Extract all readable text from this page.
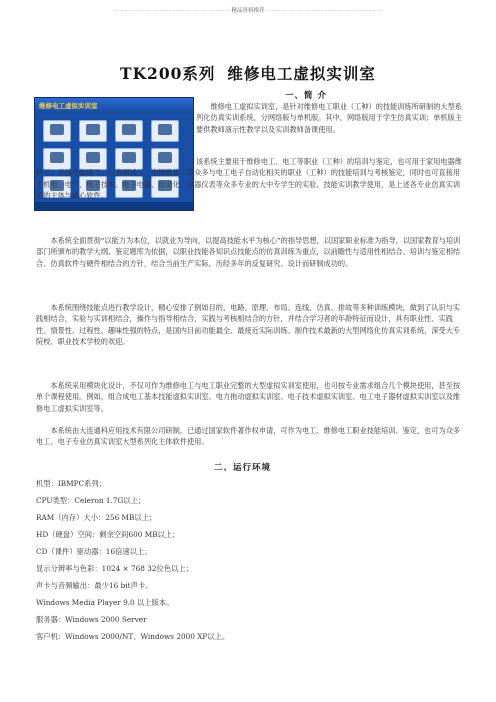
·································································· 精品资料推荐 ··································································
TK200系列 维修电工虚拟实训室
维修电工虚拟实训室
一、简 介
维修电工虚拟实训室，是针对维修电工职业（工种）的技能训练所研制的大型系列化仿真实训系统，分网络版与单机版。其中，网络版用于学生仿真实训；单机版主要供教师演示性教学以及实训教师备课使用。
该系统主要用于维修电工、电工等职业（工种）的培训与鉴定，也可用于家用电器维修工、无线电装接工、仪表调试工、电梯维修工等众多与电工电子自动化相关的职业（工种）的技能培训与考核鉴定，同时也可直接用于机电、电气、电子技术、电子电器、自动化、仪器仪表等众多专业的大中专学生的实验、技能实训教学使用，是上述各专业仿真实训室的主体与核心软件。
本系统全面贯彻“以能力为本位，以就业为导向，以提高技能水平为核心”的指导思想，以国家职业标准为指导，以国家教育与培训部门所颁布的教学大纲、鉴定题库为依据，以职业技能各知识点技能点的仿真训练为重点，以前瞻性与适用性相结合、培训与鉴定相结合、仿真软件与硬件相结合的方针，结合当前生产实际，历经多年的反复研究、设计而研制成功的。
本系统围绕技能点进行教学设计，精心安排了例如目的、电路、原理、布局、连线、仿真、排故等多种训练模块，做到了认识与实践相结合，实验与实训相结合，操作与指导相结合，实践与考核相结合的方针，并结合学习者的年龄特征而设计，具有职业性、实践性、情景性、过程性、趣味性强的特点，是国内目前功能最全、最接近实际训练、制作技术最新的大型网络化仿真实训系统，深受大专院校、职业技术学校的欢迎。
本系统采用模块化设计，不仅可作为维修电工与电工职业完整的大型虚拟实训室使用，也可按专业需求组合几个模块使用，甚至按单个课程使用。例如，组合成电工基本技能虚拟实训室、电力拖动虚拟实训室、电子技术虚拟实训室、电工电子器材虚拟实训室以及维修电工虚拟实训室等。
本系统由大连通科应用技术有限公司研制，已通过国家软件著作权申请，可作为电工、维修电工职业技能培训、鉴定，也可为众多电工、电子专业仿真实训室大型系列化主体软件使用。
二、运行环境
机型：IBMPC系列；
CPU类型：Celeron 1.7G以上；
RAM（内存）大小：256 MB以上；
HD（硬盘）空间：剩余空间600 MB以上；
CD（课件）驱动器：16倍速以上；
显示分辨率与色彩：1024 × 768 32位色以上；
声卡与音频输出：最少16 bit声卡。
Windows Media Player 9.0 以上版本。
服务器：Windows 2000 Server
客户机：Windows 2000/NT、Windows 2000 XP以上。
